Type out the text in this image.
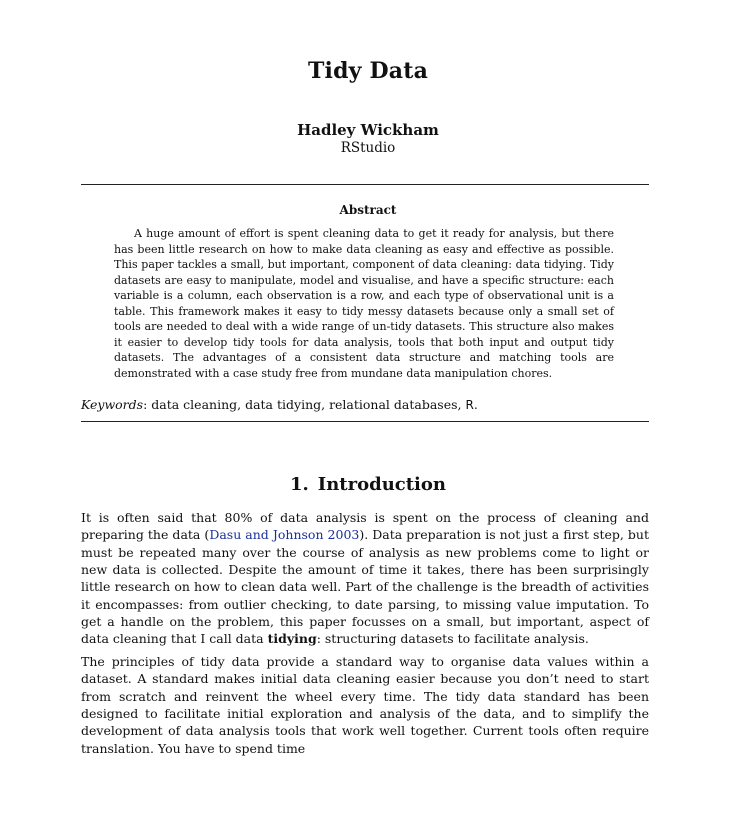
Tidy Data
Hadley Wickham
RStudio
Abstract
A huge amount of effort is spent cleaning data to get it ready for analysis, but there has been little research on how to make data cleaning as easy and effective as possible. This paper tackles a small, but important, component of data cleaning: data tidying. Tidy datasets are easy to manipulate, model and visualise, and have a specific structure: each variable is a column, each observation is a row, and each type of observational unit is a table. This framework makes it easy to tidy messy datasets because only a small set of tools are needed to deal with a wide range of un-tidy datasets. This structure also makes it easier to develop tidy tools for data analysis, tools that both input and output tidy datasets. The advantages of a consistent data structure and matching tools are demonstrated with a case study free from mundane data manipulation chores.
Keywords: data cleaning, data tidying, relational databases, R.
1. Introduction
It is often said that 80% of data analysis is spent on the process of cleaning and preparing the data (Dasu and Johnson 2003). Data preparation is not just a first step, but must be repeated many over the course of analysis as new problems come to light or new data is collected. Despite the amount of time it takes, there has been surprisingly little research on how to clean data well. Part of the challenge is the breadth of activities it encompasses: from outlier checking, to date parsing, to missing value imputation. To get a handle on the problem, this paper focusses on a small, but important, aspect of data cleaning that I call data tidying: structuring datasets to facilitate analysis.
The principles of tidy data provide a standard way to organise data values within a dataset. A standard makes initial data cleaning easier because you don’t need to start from scratch and reinvent the wheel every time. The tidy data standard has been designed to facilitate initial exploration and analysis of the data, and to simplify the development of data analysis tools that work well together. Current tools often require translation. You have to spend time
